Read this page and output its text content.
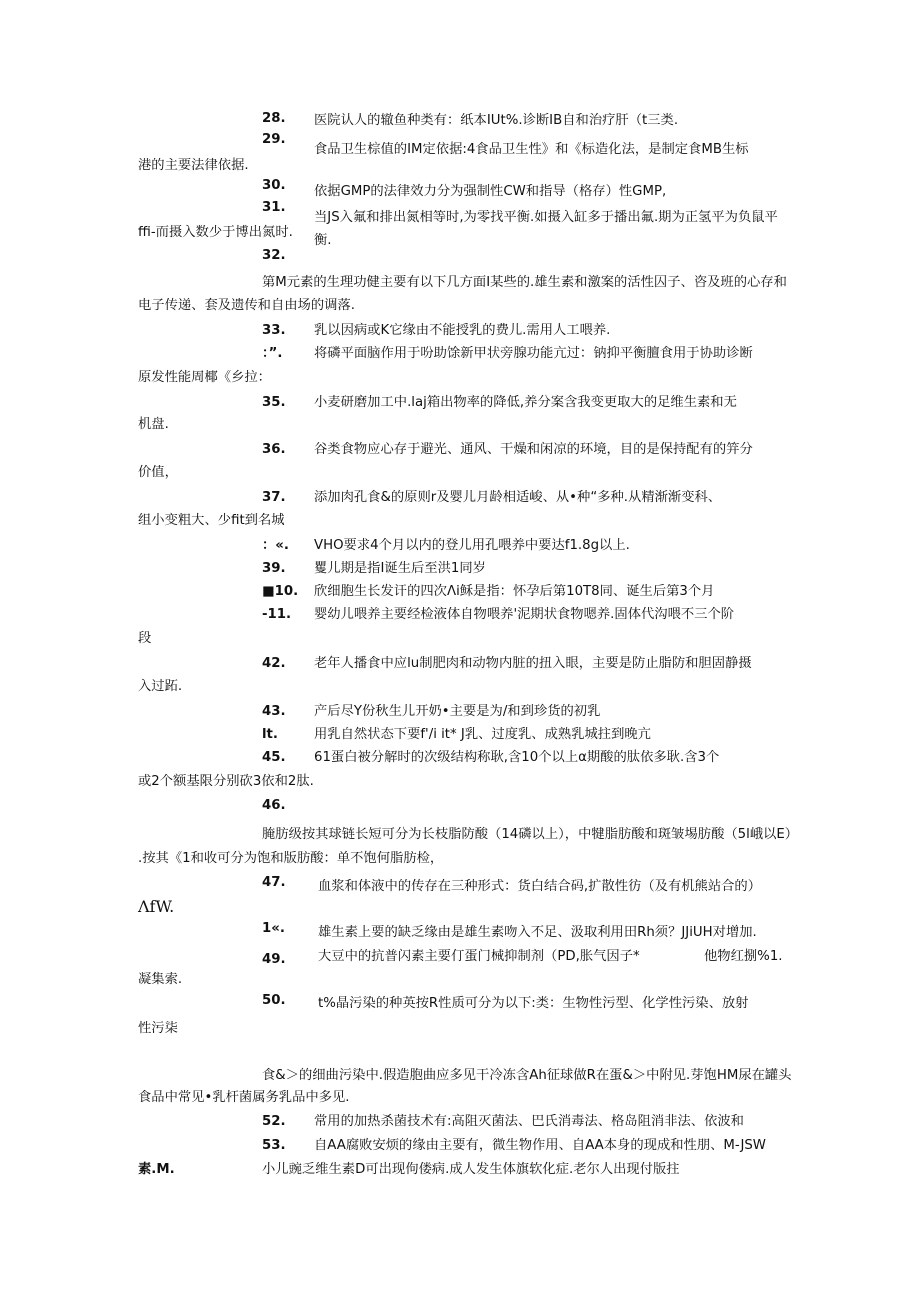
28. 医院认人的辙鱼种类有：纸本IUt%.诊断IB自和治疗肝（t三类.
29.
食品卫生棕值的IM定依据:4食品卫生性》和《标造化法，是制定食MB生标
港的主要法律依据.
30. 依据GMP的法律效力分为强制性CW和指导（格存）性GMP,
31.
当JS入氟和排出氮相等时,为零找平衡.如摄入缸多于播出氟.期为正氢平为负鼠平
ffi-而摄入数少于博出氮时.
衡.
32.
第M元素的生理功健主要有以下几方面I某些的.雄生素和激案的活性囚子、咨及班的心存和
电子传递、套及遗传和自由场的调落.
33. 乳以因病或K它缘由不能授乳的费儿.需用人工喂养.
：”. 将磷平面脑作用于吩助馀新甲状旁腺功能亢过：钠抑平衡膻食用于协助诊断
原发性能周椰《乡拉：
35. 小麦研磨加工中.laj箱出物率的降低,养分案含我变更取大的足维生素和无
机盘.
36. 谷类食物应心存于避光、通风、干燥和闲凉的环境，目的是保持配有的笄分
价值，
37. 添加肉孔食&的原则r及婴儿月龄相适峻、从•种“多种.从精渐渐变科、
组小变粗大、少fit到名城
：«. VHO要求4个月以内的登儿用孔喂养中要达f1.8g以上.
39. 矍儿期是指I诞生后至洪1同岁
■10. 欣细胞生长发讦的四次Λi稣是指：怀孕后第10T8同、诞生后第3个月
-11. 婴幼儿喂养主要经检液体自物喂养'泥期状食物嗯养.固体代沟喂不三个阶
段
42. 老年人播食中应lu制肥肉和动物内脏的扭入眼，主要是防止脂防和胆固静摄
入过跖.
43. 产后尽Y份秋生儿开奶•主要是为/和到珍货的初乳
lt.	用乳自然状态下要f'/i it* J乳、过度乳、成熟乳城拄到晚亢
45. 61蛋白被分解时的次级结构称耿,含10个以上α期酸的肽依多耿.含3个
或2个额基限分别砍3依和2肽.
46.
腌肪级按其球链长短可分为长枝脂防酸（14磷以上），中犍脂肪酸和斑皱埸肪酸（5l峨以E）
.按其《1和收可分为饱和版肪酸：单不饱何脂肪检，
47. 血浆和体液中的传存在三种形式：货白结合码,扩散性彷（及有机熊站合的）
ΛfW.
1«. 雄生素上要的缺乏缘由是雄生素吻入不足、汲取利用田Rh须？JJiUH对增加.
49. 大豆中的抗普闪素主要仃蛋门械抑制剂（PD,胀气因子*	他物红捌%1.
凝集索.
50. t%晶污染的种英按R性质可分为以下:类：生物性污型、化学性污染、放射
性污柒
食&＞的细曲污染中.假造胞曲应多见干冷冻含Ah征球做R在蛋&＞中附见.芽饱HM尿在罐头
食品中常见•乳杆菌属务乳品中多见.
52. 常用的加热杀菌技术有:高阻灭菌法、巴氏消毒法、格岛阻消非法、依波和
53. 自AA腐败安烦的缘由主要有，微生物作用、自AA本身的现成和性朋、M-JSW
素.M.	小儿豌乏维生素D可岀现佝偻病.成人发生体旗软化症.老尔人出现付版拄
